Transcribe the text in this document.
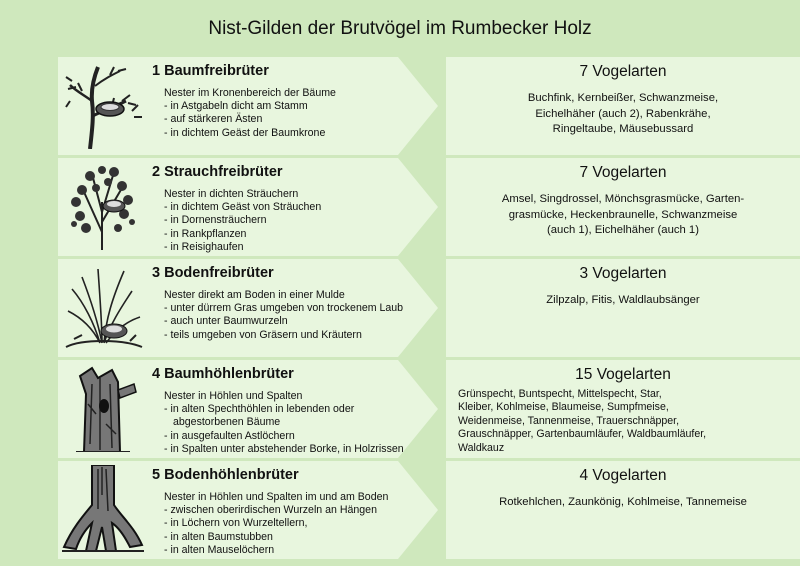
Nist-Gilden der Brutvögel im Rumbecker Holz
1 Baumfreibrüter
Nester im Kronenbereich der Bäume
- in Astgabeln dicht am Stamm
- auf stärkeren Ästen
- in dichtem Geäst der Baumkrone
7 Vogelarten
Buchfink, Kernbeißer, Schwanzmeise,
Eichelhäher (auch 2), Rabenkrähe,
Ringeltaube, Mäusebussard
2 Strauchfreibrüter
Nester in dichten Sträuchern
- in dichtem Geäst von Sträuchen
- in Dornensträuchern
- in Rankpflanzen
- in Reisighaufen
7 Vogelarten
Amsel, Singdrossel, Mönchsgrasmücke, Garten-
grasmücke, Heckenbraunelle, Schwanzmeise
(auch 1), Eichelhäher (auch 1)
3 Bodenfreibrüter
Nester direkt am Boden in einer Mulde
- unter dürrem Gras umgeben von trockenem Laub
- auch unter Baumwurzeln
- teils umgeben von Gräsern und Kräutern
3 Vogelarten
Zilpzalp, Fitis, Waldlaubsänger
4 Baumhöhlenbrüter
Nester in Höhlen und Spalten
- in alten Spechthöhlen in lebenden oder
abgestorbenen Bäume
- in ausgefaulten Astlöchern
- in Spalten unter abstehender Borke, in Holzrissen
15 Vogelarten
Grünspecht, Buntspecht, Mittelspecht, Star,
Kleiber, Kohlmeise, Blaumeise, Sumpfmeise,
Weidenmeise, Tannenmeise, Trauerschnäpper,
Grauschnäpper, Gartenbaumläufer, Waldbaumläufer,
Waldkauz
5 Bodenhöhlenbrüter
Nester in Höhlen und Spalten im und am Boden
- zwischen oberirdischen Wurzeln an Hängen
- in Löchern von Wurzeltellern,
- in alten Baumstubben
- in alten Mauselöchern
4 Vogelarten
Rotkehlchen, Zaunkönig, Kohlmeise, Tannemeise
